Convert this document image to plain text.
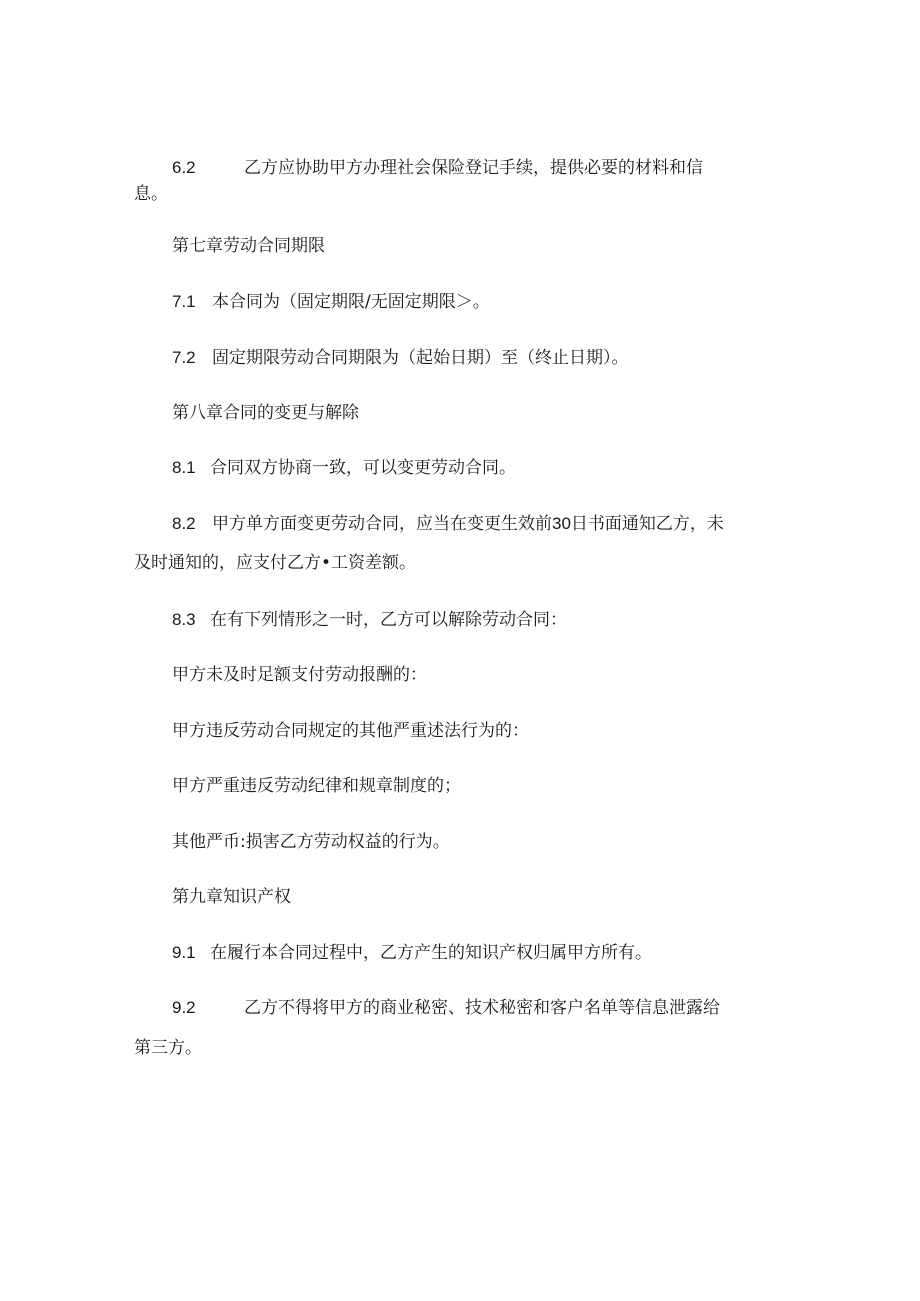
6.2	乙方应协助甲方办理社会保险登记手续，提供必要的材料和信
息。
第七章劳动合同期限
7.1 本合同为（固定期限/无固定期限＞。
7.2 固定期限劳动合同期限为（起始日期）至（终止日期）。
第八章合同的变更与解除
8.1 合同双方协商一致，可以变更劳动合同。
8.2 甲方单方面变更劳动合同，应当在变更生效前30日书面通知乙方，未
及时通知的，应支付乙方•工资差额。
8.3 在有下列情形之一时，乙方可以解除劳动合同：
甲方未及时足额支付劳动报酬的：
甲方违反劳动合同规定的其他严重述法行为的：
甲方严重违反劳动纪律和规章制度的；
其他严币:损害乙方劳动权益的行为。
第九章知识产权
9.1 在履行本合同过程中，乙方产生的知识产权归属甲方所有。
9.2	乙方不得将甲方的商业秘密、技术秘密和客户名单等信息泄露给
第三方。
